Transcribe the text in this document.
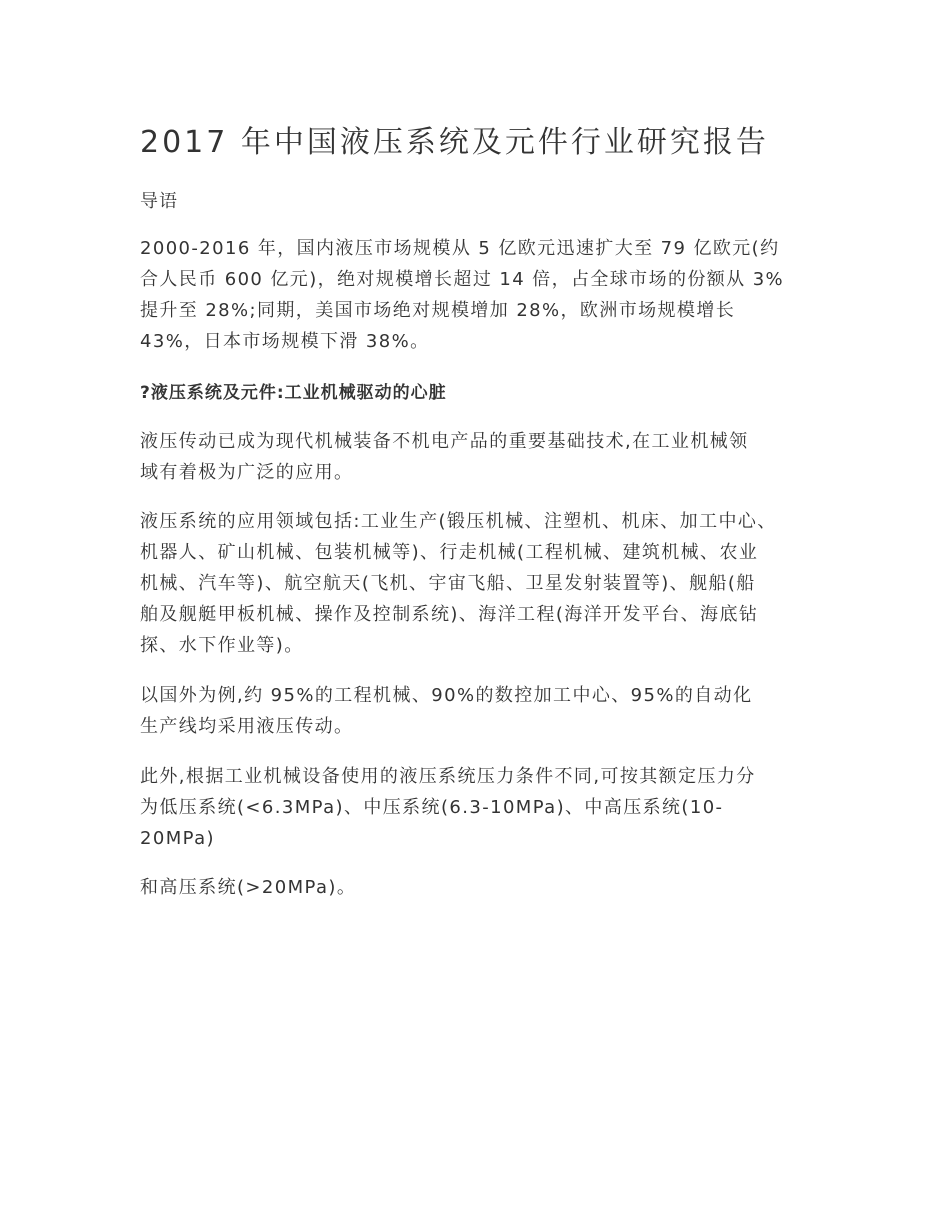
2017 年中国液压系统及元件行业研究报告

导语

2000-2016 年，国内液压市场规模从 5 亿欧元迅速扩大至 79 亿欧元(约
合人民币 600 亿元)，绝对规模增长超过 14 倍，占全球市场的份额从 3%
提升至 28%;同期，美国市场绝对规模增加 28%，欧洲市场规模增长
43%，日本市场规模下滑 38%。

?液压系统及元件:工业机械驱动的心脏

液压传动已成为现代机械装备不机电产品的重要基础技术,在工业机械领
域有着极为广泛的应用。

液压系统的应用领域包括:工业生产(锻压机械、注塑机、机床、加工中心、
机器人、矿山机械、包装机械等)、行走机械(工程机械、建筑机械、农业
机械、汽车等)、航空航天(飞机、宇宙飞船、卫星发射装置等)、舰船(船
舶及舰艇甲板机械、操作及控制系统)、海洋工程(海洋开发平台、海底钻
探、水下作业等)。

以国外为例,约 95%的工程机械、90%的数控加工中心、95%的自动化
生产线均采用液压传动。

此外,根据工业机械设备使用的液压系统压力条件不同,可按其额定压力分
为低压系统(<6.3MPa)、中压系统(6.3-10MPa)、中高压系统(10-
20MPa)

和高压系统(>20MPa)。
